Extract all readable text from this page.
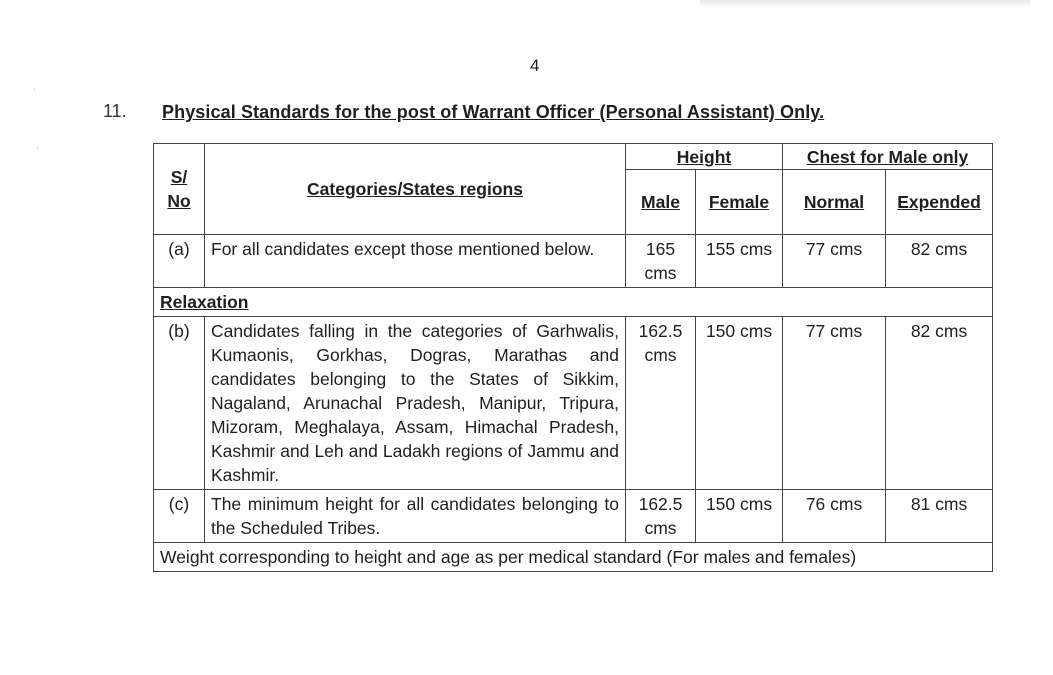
·
·
4
11. Physical Standards for the post of Warrant Officer (Personal Assistant) Only.
S/ No	Categories/States regions	Height		Chest for Male only	
		Male	Female	Normal	Expended
(a)	For all candidates except those mentioned below.	165 cms	155 cms	77 cms	82 cms
Relaxation					
(b)	Candidates falling in the categories of Garhwalis, Kumaonis, Gorkhas, Dogras, Marathas and candidates belonging to the States of Sikkim, Nagaland, Arunachal Pradesh, Manipur, Tripura, Mizoram, Meghalaya, Assam, Himachal Pradesh, Kashmir and Leh and Ladakh regions of Jammu and Kashmir.	162.5 cms	150 cms	77 cms	82 cms
(c)	The minimum height for all candidates belonging to the Scheduled Tribes.	162.5 cms	150 cms	76 cms	81 cms
Weight corresponding to height and age as per medical standard (For males and females)					
